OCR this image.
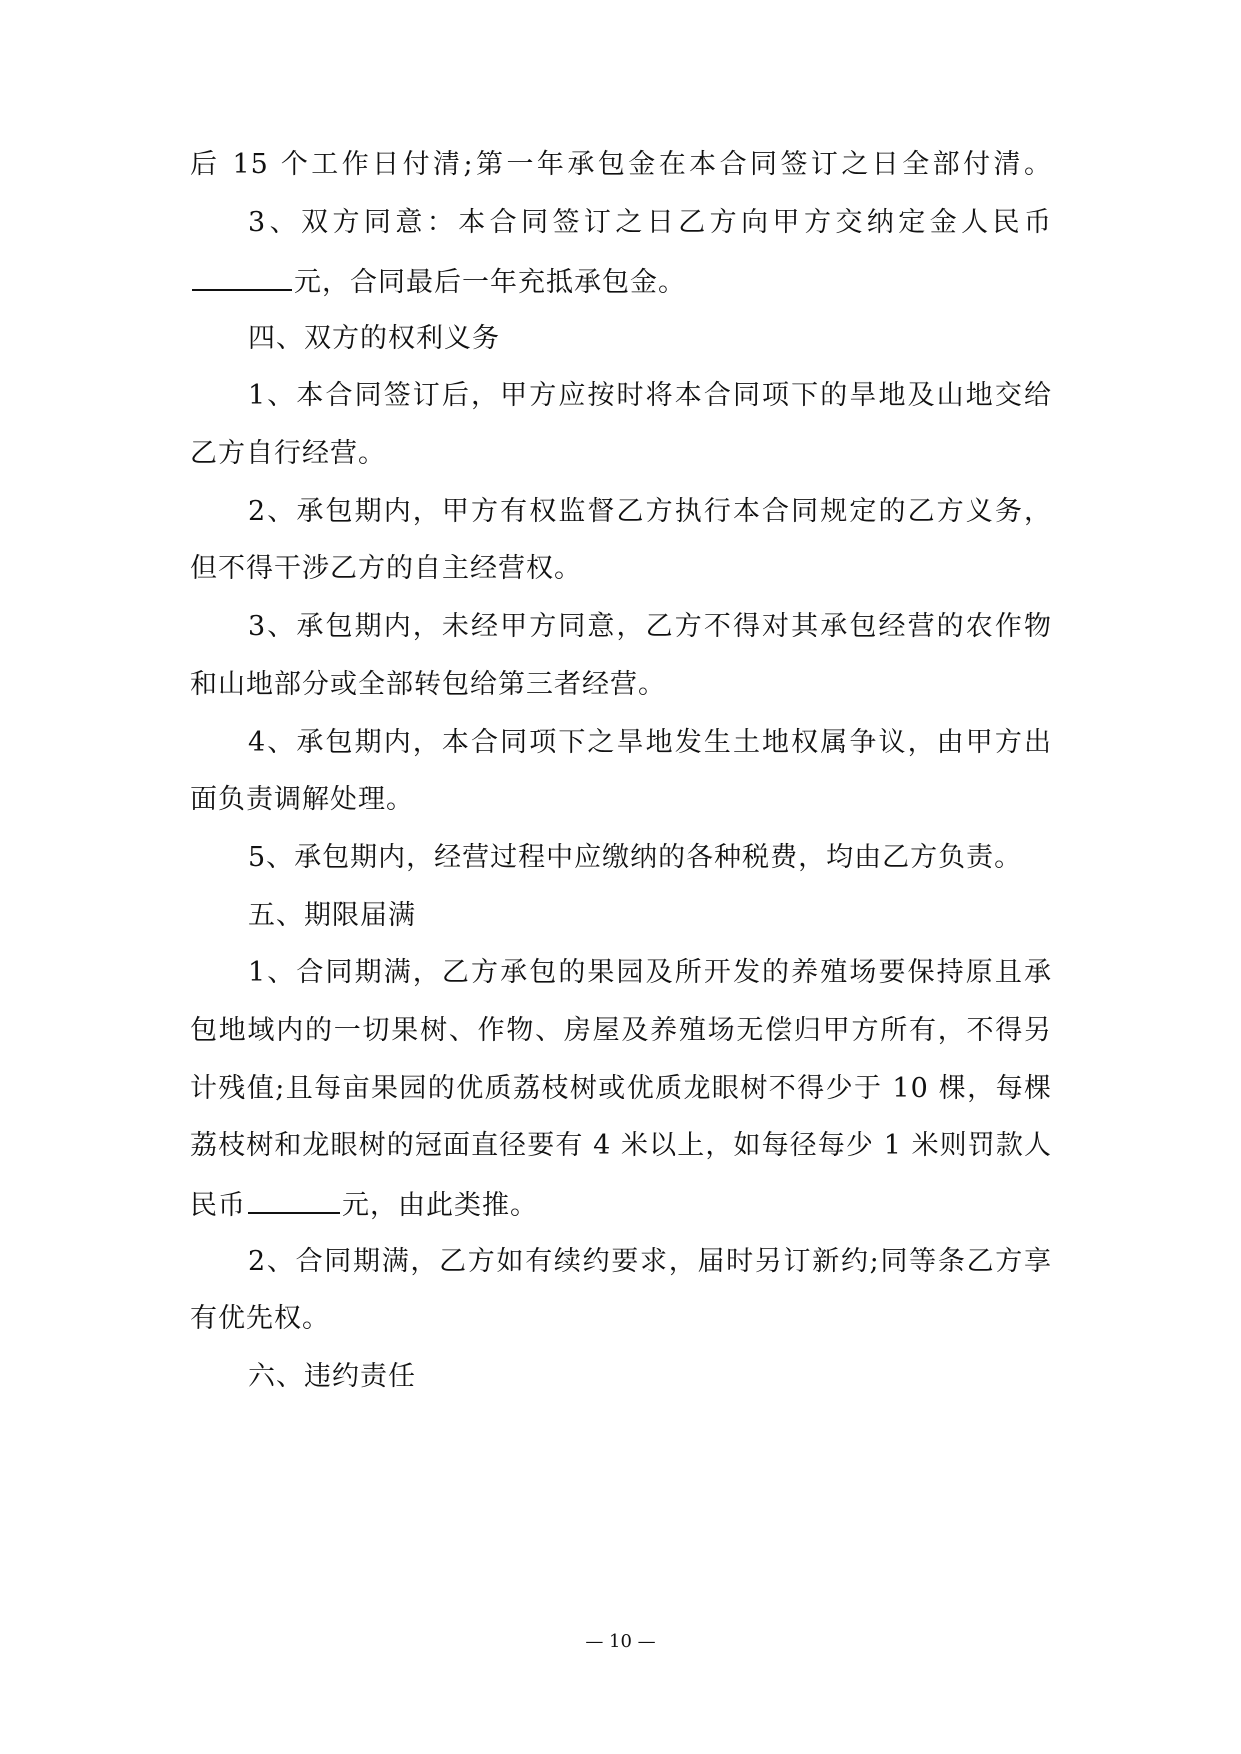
后 15 个工作日付清;第一年承包金在本合同签订之日全部付清。
3、双方同意：本合同签订之日乙方向甲方交纳定金人民币
元，合同最后一年充抵承包金。
四、双方的权利义务
1、本合同签订后，甲方应按时将本合同项下的旱地及山地交给
乙方自行经营。
2、承包期内，甲方有权监督乙方执行本合同规定的乙方义务，
但不得干涉乙方的自主经营权。
3、承包期内，未经甲方同意，乙方不得对其承包经营的农作物
和山地部分或全部转包给第三者经营。
4、承包期内，本合同项下之旱地发生土地权属争议，由甲方出
面负责调解处理。
5、承包期内，经营过程中应缴纳的各种税费，均由乙方负责。
五、期限届满
1、合同期满，乙方承包的果园及所开发的养殖场要保持原且承
包地域内的一切果树、作物、房屋及养殖场无偿归甲方所有，不得另
计残值;且每亩果园的优质荔枝树或优质龙眼树不得少于 10 棵，每棵
荔枝树和龙眼树的冠面直径要有 4 米以上，如每径每少 1 米则罚款人
民币	元，由此类推。
2、合同期满，乙方如有续约要求，届时另订新约;同等条乙方享
有优先权。
六、违约责任
— 10 —
